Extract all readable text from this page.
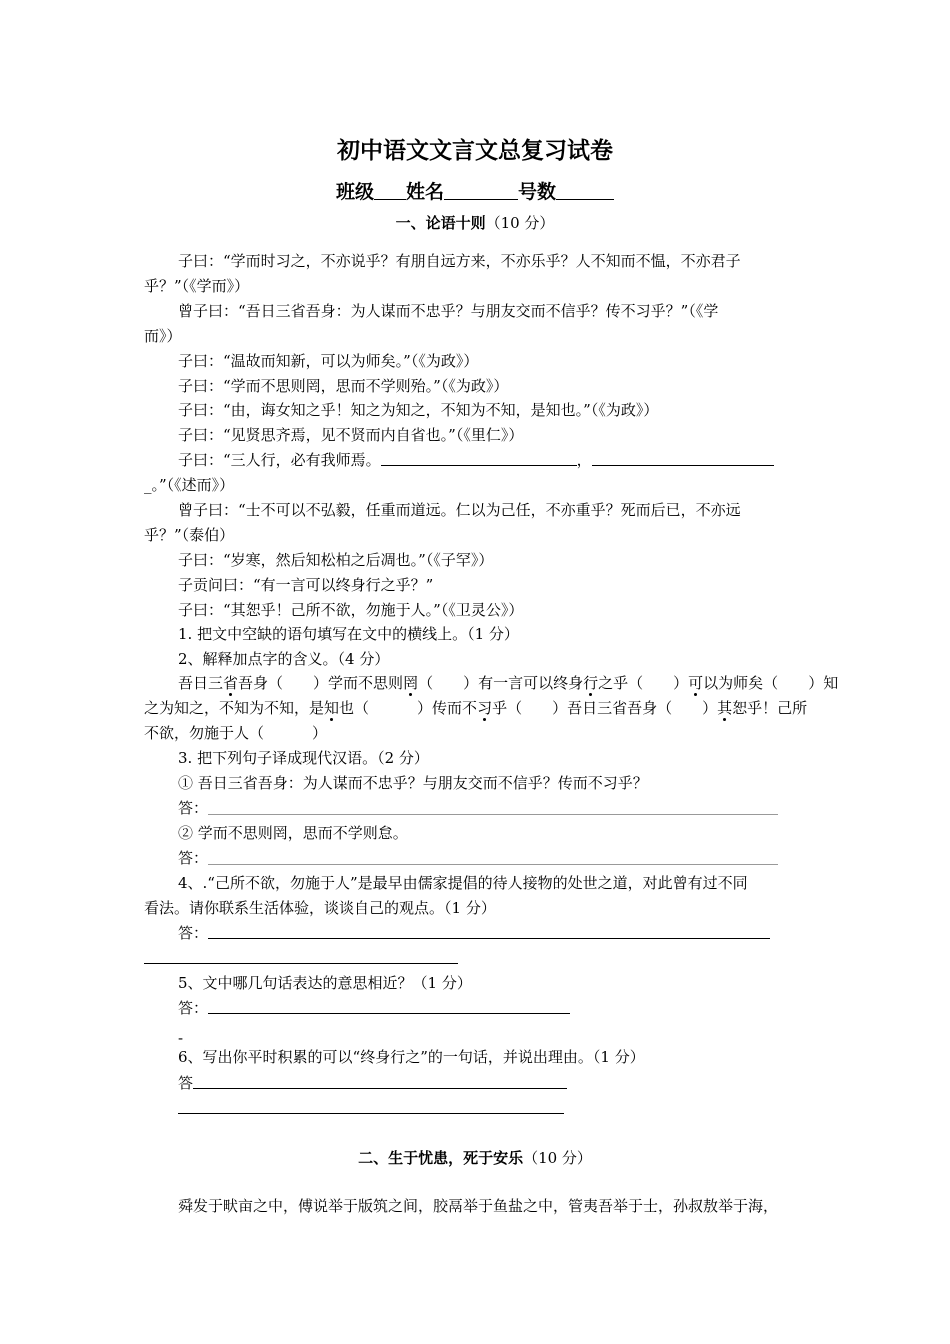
初中语文文言文总复习试卷
班级 姓名	号数
一、论语十则（10 分）
子曰：“学而时习之，不亦说乎？有朋自远方来，不亦乐乎？人不知而不愠，不亦君子
乎？”（《学而》）
曾子曰：“吾日三省吾身：为人谋而不忠乎？与朋友交而不信乎？传不习乎？”（《学
而》）
子曰：“温故而知新，可以为师矣。”（《为政》）
子曰：“学而不思则罔，思而不学则殆。”（《为政》）
子曰：“由，诲女知之乎！知之为知之，不知为不知，是知也。”（《为政》）
子曰：“见贤思齐焉，见不贤而内自省也。”（《里仁》）
子曰：“三人行，必有我师焉。	，
_。”（《述而》）
曾子曰：“士不可以不弘毅，任重而道远。仁以为己任，不亦重乎？死而后已，不亦远
乎？”（泰伯）
子曰：“岁寒，然后知松柏之后凋也。”（《子罕》）
子贡问曰：“有一言可以终身行之乎？”
子曰：“其恕乎！己所不欲，勿施于人。”（《卫灵公》）
1. 把文中空缺的语句填写在文中的横线上。（1 分）
2、解释加点字的含义。（4 分）
吾日三省吾身（ ）学而不思则罔（ ）有一言可以终身行之乎（ ）可以为师矣（ ）知
之为知之，不知为不知，是知也（	）传而不习乎（ ）吾日三省吾身（ ）其恕乎！己所
不欲，勿施于人（	）
3. 把下列句子译成现代汉语。（2 分）
① 吾日三省吾身：为人谋而不忠乎？与朋友交而不信乎？传而不习乎？
答：
② 学而不思则罔，思而不学则怠。
答：
4、.“己所不欲，勿施于人”是最早由儒家提倡的待人接物的处世之道，对此曾有过不同
看法。请你联系生活体验，谈谈自己的观点。（1 分）
答：
5、文中哪几句话表达的意思相近？（1 分）
答：
-
6、写出你平时积累的可以“终身行之”的一句话，并说出理由。（1 分）
答
二、生于忧患，死于安乐（10 分）
舜发于畎亩之中，傅说举于版筑之间，胶鬲举于鱼盐之中，管夷吾举于士，孙叔敖举于海，
